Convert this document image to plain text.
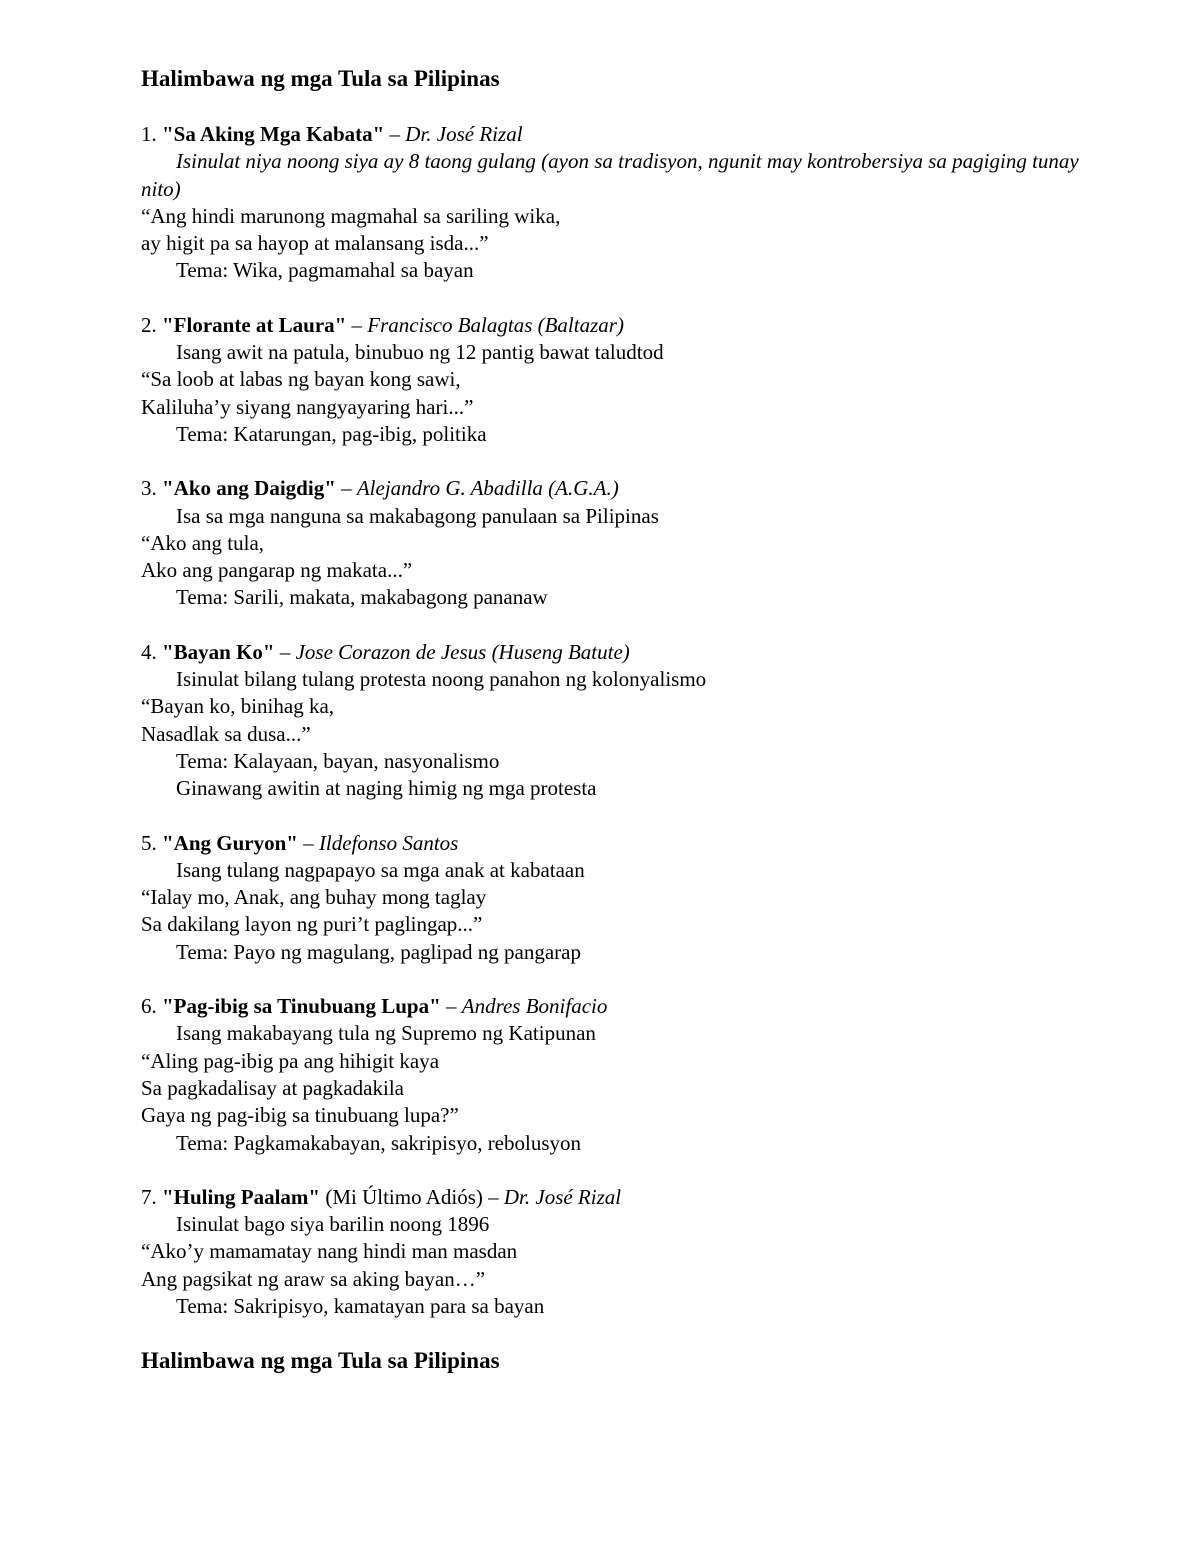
Halimbawa ng mga Tula sa Pilipinas
1. "Sa Aking Mga Kabata" – Dr. José Rizal
Isinulat niya noong siya ay 8 taong gulang (ayon sa tradisyon, ngunit may kontrobersiya sa pagiging tunay nito)
“Ang hindi marunong magmahal sa sariling wika,
ay higit pa sa hayop at malansang isda...”
Tema: Wika, pagmamahal sa bayan
2. "Florante at Laura" – Francisco Balagtas (Baltazar)
Isang awit na patula, binubuo ng 12 pantig bawat taludtod
“Sa loob at labas ng bayan kong sawi,
Kaliluha’y siyang nangyayaring hari...”
Tema: Katarungan, pag-ibig, politika
3. "Ako ang Daigdig" – Alejandro G. Abadilla (A.G.A.)
Isa sa mga nanguna sa makabagong panulaan sa Pilipinas
“Ako ang tula,
Ako ang pangarap ng makata...”
Tema: Sarili, makata, makabagong pananaw
4. "Bayan Ko" – Jose Corazon de Jesus (Huseng Batute)
Isinulat bilang tulang protesta noong panahon ng kolonyalismo
“Bayan ko, binihag ka,
Nasadlak sa dusa...”
Tema: Kalayaan, bayan, nasyonalismo
Ginawang awitin at naging himig ng mga protesta
5. "Ang Guryon" – Ildefonso Santos
Isang tulang nagpapayo sa mga anak at kabataan
“Ialay mo, Anak, ang buhay mong taglay
Sa dakilang layon ng puri’t paglingap...”
Tema: Payo ng magulang, paglipad ng pangarap
6. "Pag-ibig sa Tinubuang Lupa" – Andres Bonifacio
Isang makabayang tula ng Supremo ng Katipunan
“Aling pag-ibig pa ang hihigit kaya
Sa pagkadalisay at pagkadakila
Gaya ng pag-ibig sa tinubuang lupa?”
Tema: Pagkamakabayan, sakripisyo, rebolusyon
7. "Huling Paalam" (Mi Último Adiós) – Dr. José Rizal
Isinulat bago siya barilin noong 1896
“Ako’y mamamatay nang hindi man masdan
Ang pagsikat ng araw sa aking bayan…”
Tema: Sakripisyo, kamatayan para sa bayan
Halimbawa ng mga Tula sa Pilipinas
